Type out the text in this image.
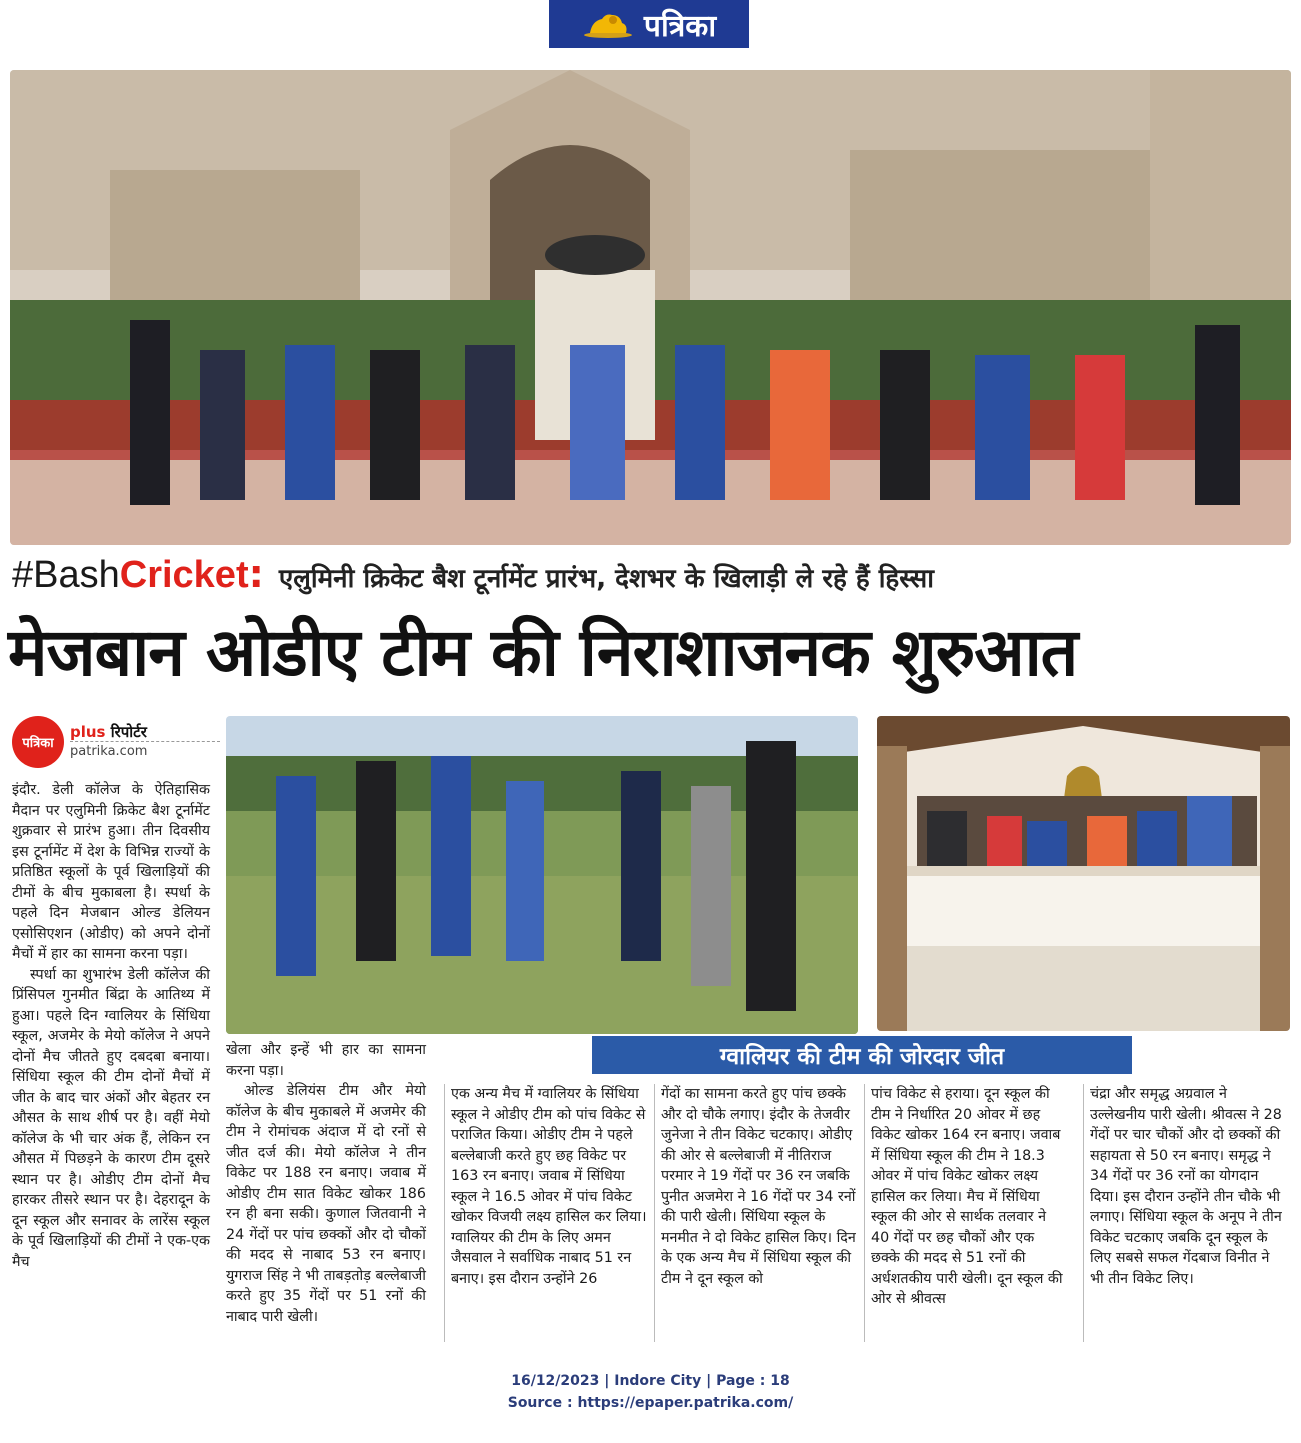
पत्रिका
#BashCricket: एलुमिनी क्रिकेट बैश टूर्नामेंट प्रारंभ, देशभर के खिलाड़ी ले रहे हैं हिस्सा
मेजबान ओडीए टीम की निराशाजनक शुरुआत
पत्रिका
plus रिपोर्टर
patrika.com

इंदौर. डेली कॉलेज के ऐतिहासिक मैदान पर एलुमिनी क्रिकेट बैश टूर्नामेंट शुक्रवार से प्रारंभ हुआ। तीन दिवसीय इस टूर्नामेंट में देश के विभिन्न राज्यों के प्रतिष्ठित स्कूलों के पूर्व खिलाड़ियों की टीमों के बीच मुकाबला है। स्पर्धा के पहले दिन मेजबान ओल्ड डेलियन एसोसिएशन (ओडीए) को अपने दोनों मैचों में हार का सामना करना पड़ा।

स्पर्धा का शुभारंभ डेली कॉलेज की प्रिंसिपल गुनमीत बिंद्रा के आतिथ्य में हुआ। पहले दिन ग्वालियर के सिंधिया स्कूल, अजमेर के मेयो कॉलेज ने अपने दोनों मैच जीतते हुए दबदबा बनाया। सिंधिया स्कूल की टीम दोनों मैचों में जीत के बाद चार अंकों और बेहतर रन औसत के साथ शीर्ष पर है। वहीं मेयो कॉलेज के भी चार अंक हैं, लेकिन रन औसत में पिछड़ने के कारण टीम दूसरे स्थान पर है। ओडीए टीम दोनों मैच हारकर तीसरे स्थान पर है। देहरादून के दून स्कूल और सनावर के लारेंस स्कूल के पूर्व खिलाड़ियों की टीमों ने एक-एक मैच

खेला और इन्हें भी हार का सामना करना पड़ा।

ओल्ड डेलियंस टीम और मेयो कॉलेज के बीच मुकाबले में अजमेर की टीम ने रोमांचक अंदाज में दो रनों से जीत दर्ज की। मेयो कॉलेज ने तीन विकेट पर 188 रन बनाए। जवाब में ओडीए टीम सात विकेट खोकर 186 रन ही बना सकी। कुणाल जितवानी ने 24 गेंदों पर पांच छक्कों और दो चौकों की मदद से नाबाद 53 रन बनाए। युगराज सिंह ने भी ताबड़तोड़ बल्लेबाजी करते हुए 35 गेंदों पर 51 रनों की नाबाद पारी खेली।

ग्वालियर की टीम की जोरदार जीत
एक अन्य मैच में ग्वालियर के सिंधिया स्कूल ने ओडीए टीम को पांच विकेट से पराजित किया। ओडीए टीम ने पहले बल्लेबाजी करते हुए छह विकेट पर 163 रन बनाए। जवाब में सिंधिया स्कूल ने 16.5 ओवर में पांच विकेट खोकर विजयी लक्ष्य हासिल कर लिया। ग्वालियर की टीम के लिए अमन जैसवाल ने सर्वाधिक नाबाद 51 रन बनाए। इस दौरान उन्होंने 26
गेंदों का सामना करते हुए पांच छक्के और दो चौके लगाए। इंदौर के तेजवीर जुनेजा ने तीन विकेट चटकाए। ओडीए की ओर से बल्लेबाजी में नीतिराज परमार ने 19 गेंदों पर 36 रन जबकि पुनीत अजमेरा ने 16 गेंदों पर 34 रनों की पारी खेली। सिंधिया स्कूल के मनमीत ने दो विकेट हासिल किए। दिन के एक अन्य मैच में सिंधिया स्कूल की टीम ने दून स्कूल को
पांच विकेट से हराया। दून स्कूल की टीम ने निर्धारित 20 ओवर में छह विकेट खोकर 164 रन बनाए। जवाब में सिंधिया स्कूल की टीम ने 18.3 ओवर में पांच विकेट खोकर लक्ष्य हासिल कर लिया। मैच में सिंधिया स्कूल की ओर से सार्थक तलवार ने 40 गेंदों पर छह चौकों और एक छक्के की मदद से 51 रनों की अर्धशतकीय पारी खेली। दून स्कूल की ओर से श्रीवत्स
चंद्रा और समृद्ध अग्रवाल ने उल्लेखनीय पारी खेली। श्रीवत्स ने 28 गेंदों पर चार चौकों और दो छक्कों की सहायता से 50 रन बनाए। समृद्ध ने 34 गेंदों पर 36 रनों का योगदान दिया। इस दौरान उन्होंने तीन चौके भी लगाए। सिंधिया स्कूल के अनूप ने तीन विकेट चटकाए जबकि दून स्कूल के लिए सबसे सफल गेंदबाज विनीत ने भी तीन विकेट लिए।
16/12/2023 | Indore City | Page : 18
Source : https://epaper.patrika.com/
